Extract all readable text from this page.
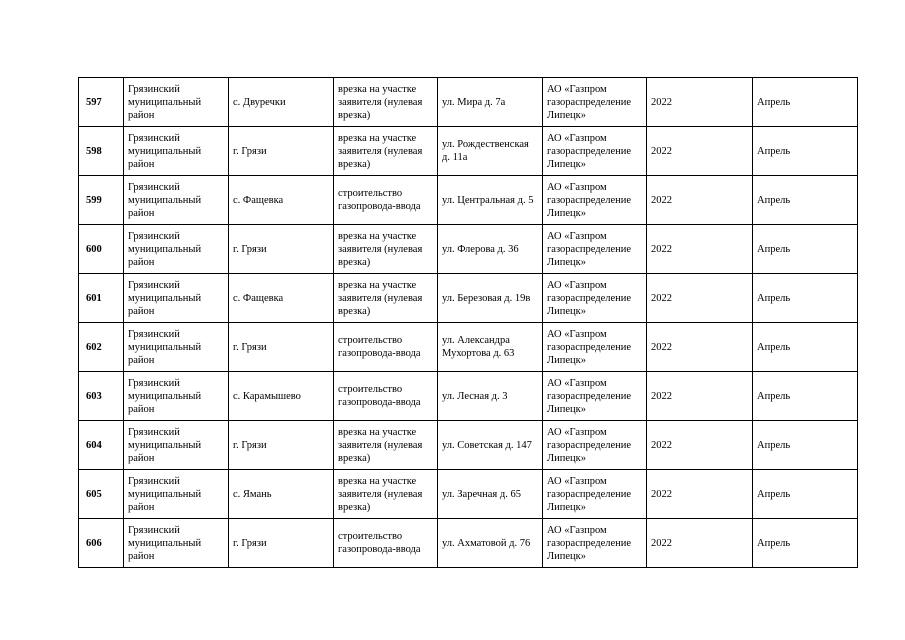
597	Грязинский муниципальный район	с. Двуречки	врезка на участке заявителя (нулевая врезка)	ул. Мира д. 7а	АО «Газпром газораспределение Липецк»	2022	Апрель
598	Грязинский муниципальный район	г. Грязи	врезка на участке заявителя (нулевая врезка)	ул. Рождественская д. 11а	АО «Газпром газораспределение Липецк»	2022	Апрель
599	Грязинский муниципальный район	с. Фащевка	строительство газопровода-ввода	ул. Центральная д. 5	АО «Газпром газораспределение Липецк»	2022	Апрель
600	Грязинский муниципальный район	г. Грязи	врезка на участке заявителя (нулевая врезка)	ул. Флерова д. 36	АО «Газпром газораспределение Липецк»	2022	Апрель
601	Грязинский муниципальный район	с. Фащевка	врезка на участке заявителя (нулевая врезка)	ул. Березовая д. 19в	АО «Газпром газораспределение Липецк»	2022	Апрель
602	Грязинский муниципальный район	г. Грязи	строительство газопровода-ввода	ул. Александра Мухортова д. 63	АО «Газпром газораспределение Липецк»	2022	Апрель
603	Грязинский муниципальный район	с. Карамышево	строительство газопровода-ввода	ул. Лесная д. 3	АО «Газпром газораспределение Липецк»	2022	Апрель
604	Грязинский муниципальный район	г. Грязи	врезка на участке заявителя (нулевая врезка)	ул. Советская д. 147	АО «Газпром газораспределение Липецк»	2022	Апрель
605	Грязинский муниципальный район	с. Ямань	врезка на участке заявителя (нулевая врезка)	ул. Заречная д. 65	АО «Газпром газораспределение Липецк»	2022	Апрель
606	Грязинский муниципальный район	г. Грязи	строительство газопровода-ввода	ул. Ахматовой д. 76	АО «Газпром газораспределение Липецк»	2022	Апрель
